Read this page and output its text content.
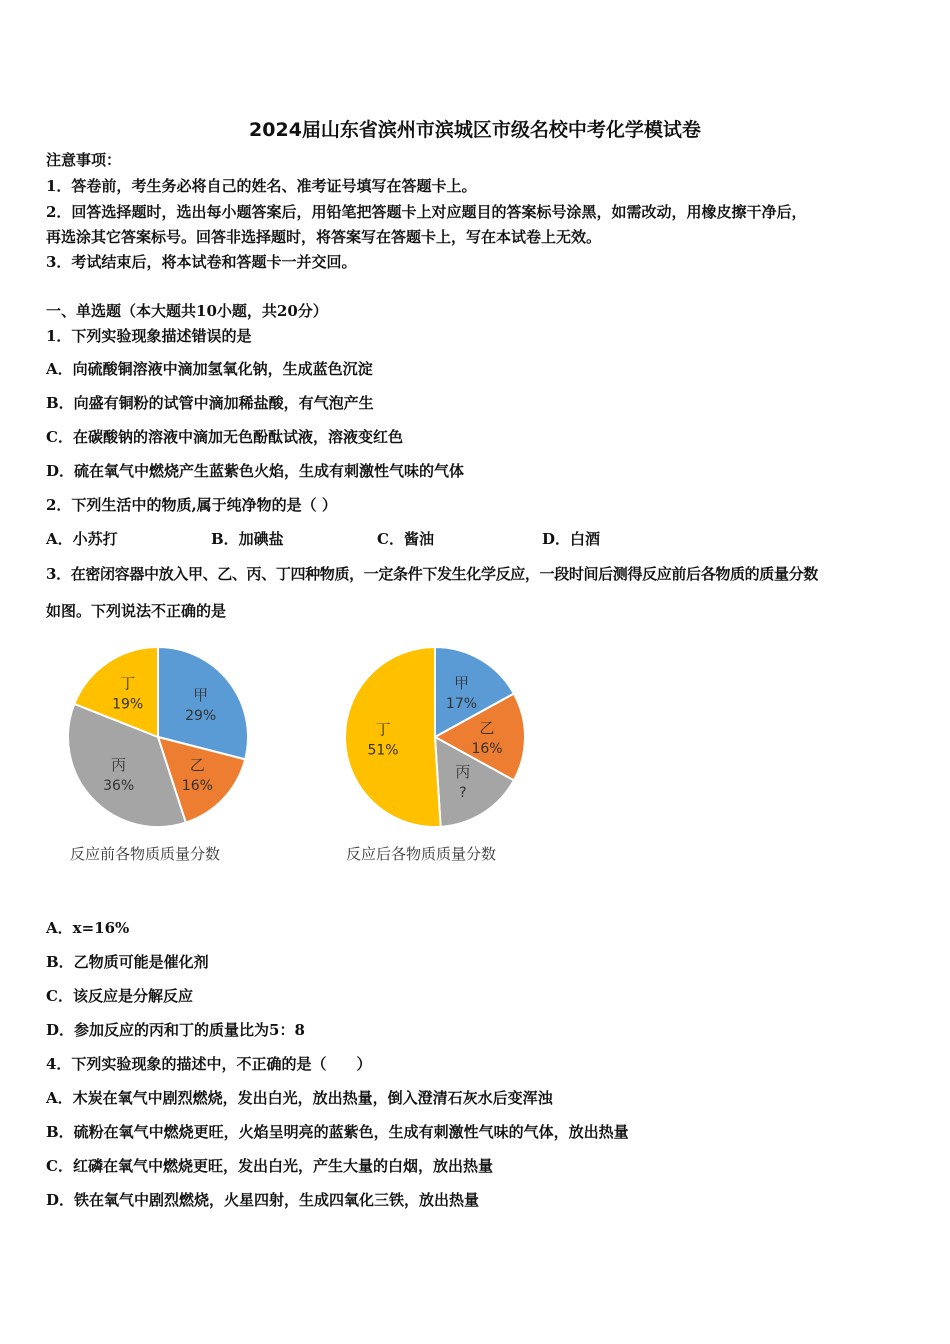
2024届山东省滨州市滨城区市级名校中考化学模试卷
注意事项：
1．答卷前，考生务必将自己的姓名、准考证号填写在答题卡上。
2．回答选择题时，选出每小题答案后，用铅笔把答题卡上对应题目的答案标号涂黑，如需改动，用橡皮擦干净后，
再选涂其它答案标号。回答非选择题时，将答案写在答题卡上，写在本试卷上无效。
3．考试结束后，将本试卷和答题卡一并交回。
一、单选题（本大题共10小题，共20分）
1．下列实验现象描述错误的是
A．向硫酸铜溶液中滴加氢氧化钠，生成蓝色沉淀
B．向盛有铜粉的试管中滴加稀盐酸，有气泡产生
C．在碳酸钠的溶液中滴加无色酚酞试液，溶液变红色
D．硫在氧气中燃烧产生蓝紫色火焰，生成有刺激性气味的气体
2．下列生活中的物质,属于纯净物的是（ ）
A．小苏打	B．加碘盐	C．酱油	D．白酒
3．在密闭容器中放入甲、乙、丙、丁四种物质，一定条件下发生化学反应，一段时间后测得反应前后各物质的质量分数
如图。下列说法不正确的是
甲
29%
乙
16%
丙
36%
丁
19%
反应前各物质质量分数
甲
17%
乙
16%
丙
?
丁
51%
反应后各物质质量分数
A．x=16%
B．乙物质可能是催化剂
C．该反应是分解反应
D．参加反应的丙和丁的质量比为5：8
4．下列实验现象的描述中，不正确的是（　　）
A．木炭在氧气中剧烈燃烧，发出白光，放出热量，倒入澄清石灰水后变浑浊
B．硫粉在氧气中燃烧更旺，火焰呈明亮的蓝紫色，生成有刺激性气味的气体，放出热量
C．红磷在氧气中燃烧更旺，发出白光，产生大量的白烟，放出热量
D．铁在氧气中剧烈燃烧，火星四射，生成四氧化三铁，放出热量
